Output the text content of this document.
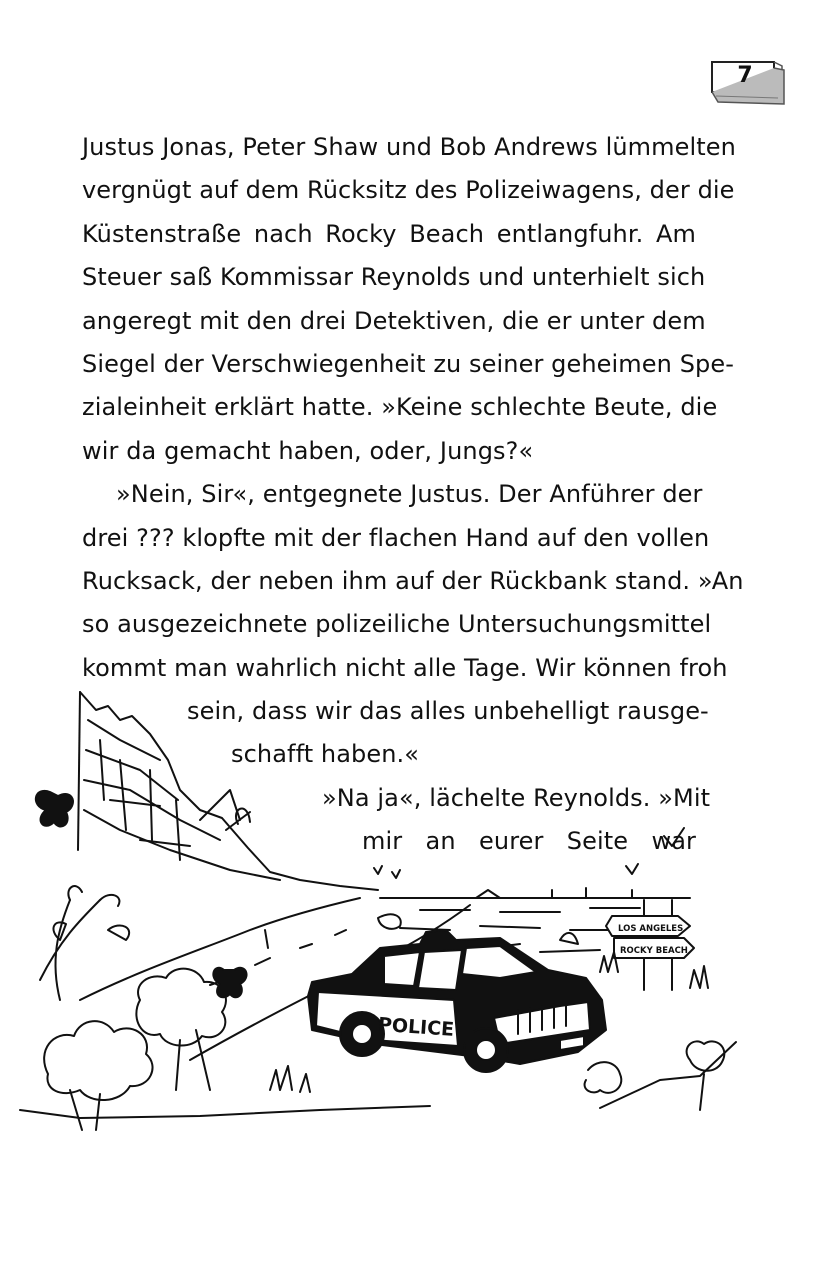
7
Justus Jonas, Peter Shaw und Bob Andrews lümmelten
vergnügt auf dem Rücksitz des Polizeiwagens, der die
Küstenstraße nach Rocky Beach entlangfuhr. Am
Steuer saß Kommissar Reynolds und unterhielt sich
angeregt mit den drei Detektiven, die er unter dem
Siegel der Verschwiegenheit zu seiner geheimen Spe-
zialeinheit erklärt hatte. »Keine schlechte Beute, die
wir da gemacht haben, oder, Jungs?«
»Nein, Sir«, entgegnete Justus. Der Anführer der
drei ??? klopfte mit der flachen Hand auf den vollen
Rucksack, der neben ihm auf der Rückbank stand. »An
so ausgezeichnete polizeiliche Untersuchungsmittel
kommt man wahrlich nicht alle Tage. Wir können froh
sein, dass wir das alles unbehelligt rausge-
schafft haben.«
»Na ja«, lächelte Reynolds. »Mit
mir an eurer Seite war
POLICE
LOS ANGELES
ROCKY BEACH
